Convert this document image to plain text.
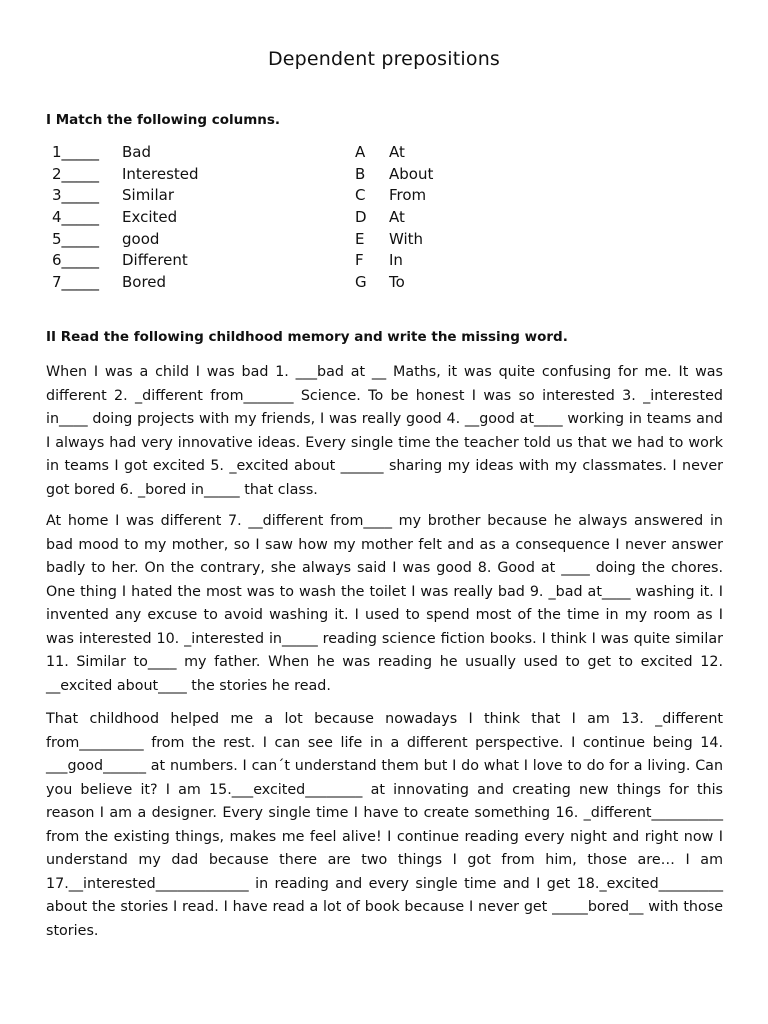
Dependent prepositions
I Match the following columns.
1_____ Bad	A At
2_____ Interested	B About
3_____ Similar	C From
4_____ Excited	D At
5_____ good	E With
6_____ Different	F In
7_____ Bored	G To
II Read the following childhood memory and write the missing word.

When I was a child I was bad 1. ___bad at __ Maths, it was quite confusing for me. It was different 2. _different from_______ Science. To be honest I was so interested 3. _interested in____ doing projects with my friends, I was really good 4. __good at____ working in teams and I always had very innovative ideas. Every single time the teacher told us that we had to work in teams I got excited 5. _excited about ______ sharing my ideas with my classmates. I never got bored 6. _bored in_____ that class.

At home I was different 7. __different from____ my brother because he always answered in bad mood to my mother, so I saw how my mother felt and as a consequence I never answer badly to her. On the contrary, she always said I was good 8. Good at ____ doing the chores. One thing I hated the most was to wash the toilet I was really bad 9. _bad at____ washing it. I invented any excuse to avoid washing it. I used to spend most of the time in my room as I was interested 10. _interested in_____ reading science fiction books. I think I was quite similar 11. Similar to____ my father. When he was reading he usually used to get to excited 12. __excited about____ the stories he read.

That childhood helped me a lot because nowadays I think that I am 13. _different from_________ from the rest. I can see life in a different perspective. I continue being 14. ___good______ at numbers. I can´t understand them but I do what I love to do for a living. Can you believe it? I am 15.___excited________ at innovating and creating new things for this reason I am a designer. Every single time I have to create something 16. _different__________ from the existing things, makes me feel alive! I continue reading every night and right now I understand my dad because there are two things I got from him, those are… I am 17.__interested_____________ in reading and every single time and I get 18._excited_________ about the stories I read. I have read a lot of book because I never get _____bored__ with those stories.
